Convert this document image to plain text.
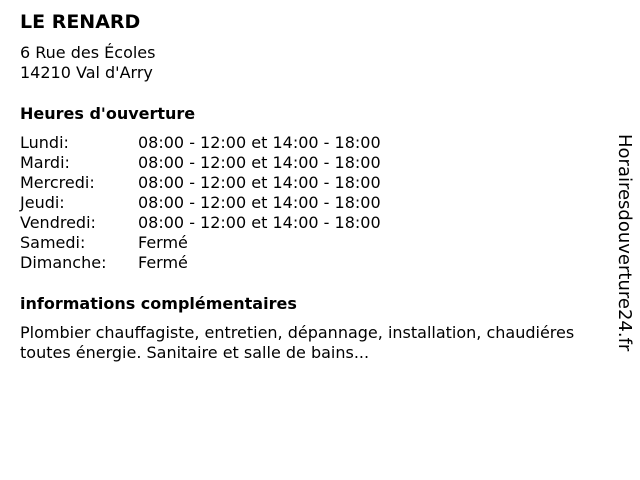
LE RENARD
6 Rue des Écoles
14210 Val d'Arry
Heures d'ouverture
Lundi:	08:00 - 12:00 et 14:00 - 18:00
Mardi:	08:00 - 12:00 et 14:00 - 18:00
Mercredi:	08:00 - 12:00 et 14:00 - 18:00
Jeudi:	08:00 - 12:00 et 14:00 - 18:00
Vendredi:	08:00 - 12:00 et 14:00 - 18:00
Samedi:	Fermé
Dimanche:	Fermé
informations complémentaires

Plombier chauffagiste, entretien, dépannage, installation, chaudiéres toutes énergie. Sanitaire et salle de bains...

Horairesdouverture24.fr
